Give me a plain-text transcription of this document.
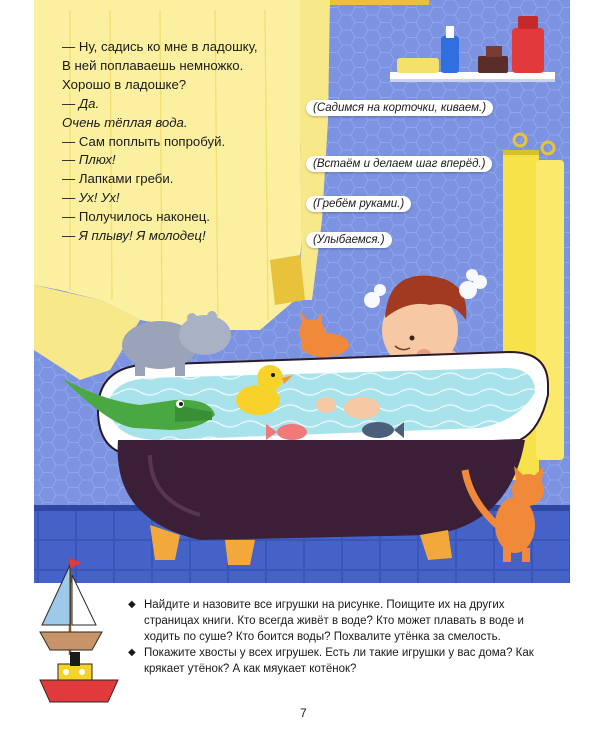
— Ну, садись ко мне в ладошку,
В ней поплаваешь немножко.
Хорошо в ладошке?
— Да.
Очень тёплая вода.
— Сам поплыть попробуй.
— Плюх!
— Лапками греби.
— Ух! Ух!
— Получилось наконец.
— Я плыву! Я молодец!
(Садимся на корточки, киваем.)
(Встаём и делаем шаг вперёд.)
(Гребём руками.)
(Улыбаемся.)
◆ Найдите и назовите все игрушки на рисунке. Поищите их на других страницах книги. Кто всегда живёт в воде? Кто может плавать в воде и ходить по суше? Кто боится воды? Похвалите утёнка за смелость.
◆ Покажите хвосты у всех игрушек. Есть ли такие игрушки у вас дома? Как крякает утёнок? А как мяукает котёнок?
7
